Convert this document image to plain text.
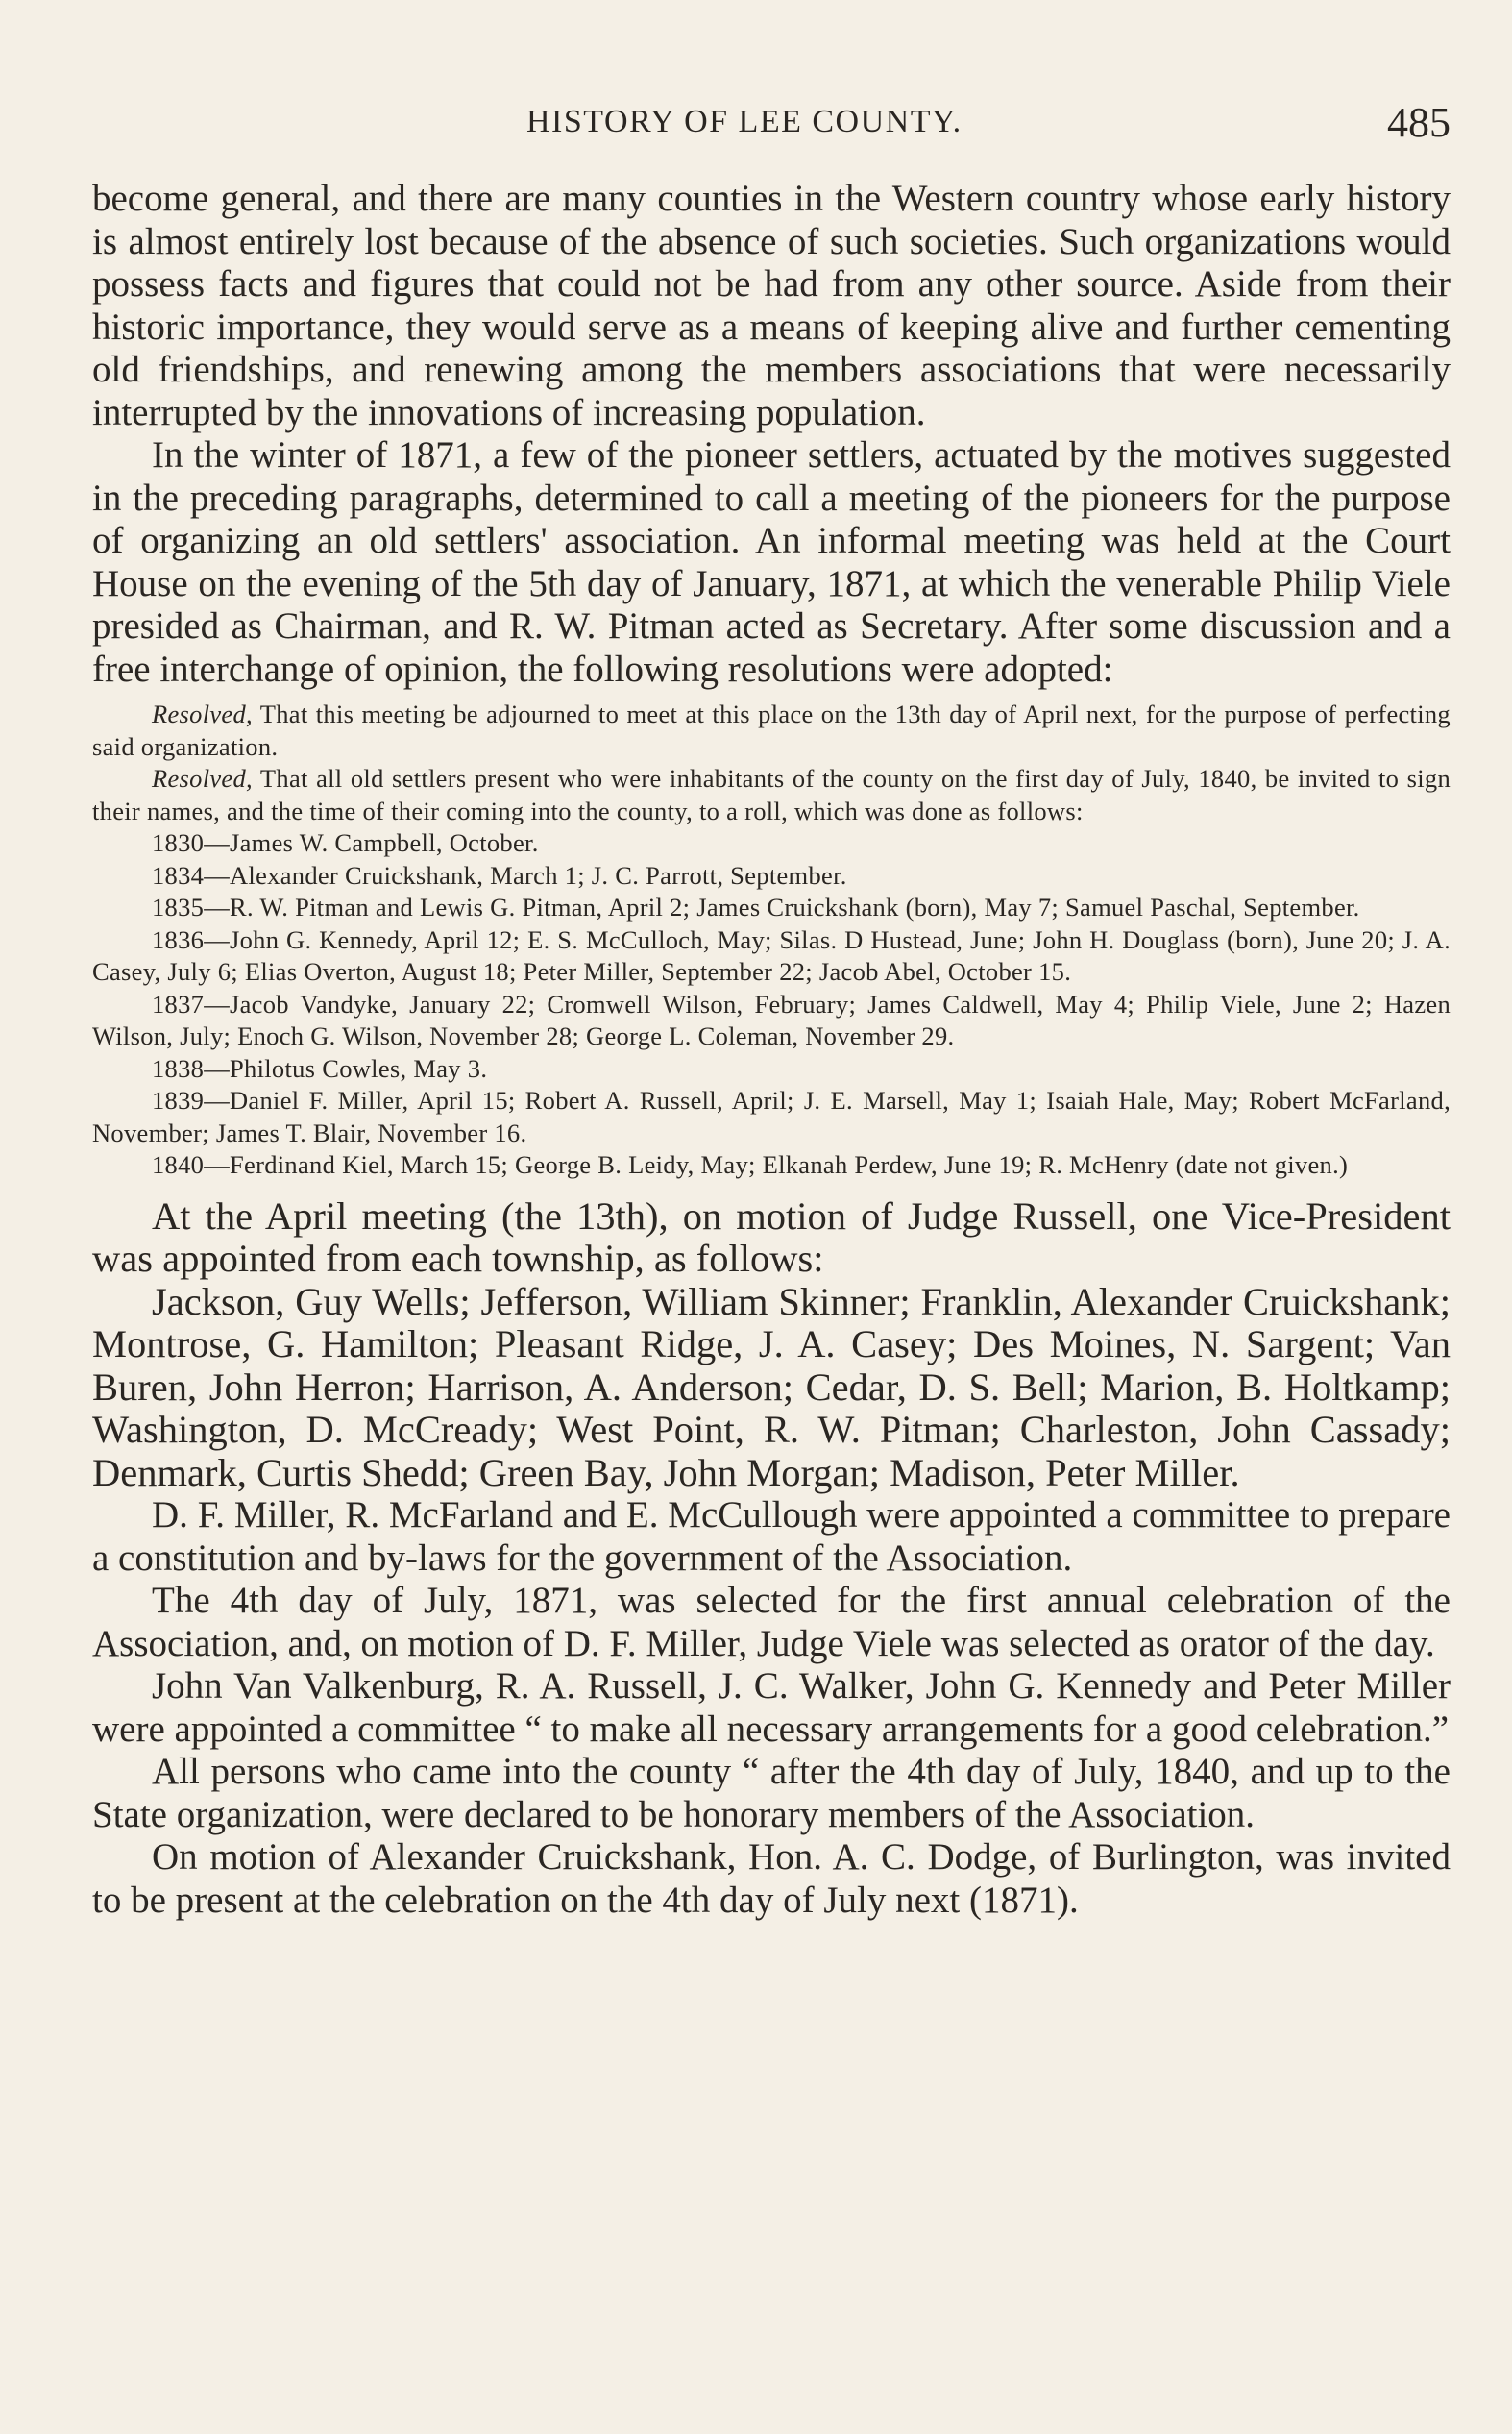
HISTORY OF LEE COUNTY.	485

become general, and there are many counties in the Western country whose early history is almost entirely lost because of the absence of such societies. Such organizations would possess facts and figures that could not be had from any other source. Aside from their historic importance, they would serve as a means of keeping alive and further cementing old friendships, and renewing among the members associations that were necessarily interrupted by the innovations of increasing population.

In the winter of 1871, a few of the pioneer settlers, actuated by the motives suggested in the preceding paragraphs, determined to call a meeting of the pioneers for the purpose of organizing an old settlers' association. An informal meeting was held at the Court House on the evening of the 5th day of January, 1871, at which the venerable Philip Viele presided as Chairman, and R. W. Pitman acted as Secretary. After some discussion and a free interchange of opinion, the following resolutions were adopted:

Resolved, That this meeting be adjourned to meet at this place on the 13th day of April next, for the purpose of perfecting said organization.

Resolved, That all old settlers present who were inhabitants of the county on the first day of July, 1840, be invited to sign their names, and the time of their coming into the county, to a roll, which was done as follows:

1830—James W. Campbell, October.

1834—Alexander Cruickshank, March 1; J. C. Parrott, September.

1835—R. W. Pitman and Lewis G. Pitman, April 2; James Cruickshank (born), May 7; Samuel Paschal, September.

1836—John G. Kennedy, April 12; E. S. McCulloch, May; Silas. D Hustead, June; John H. Douglass (born), June 20; J. A. Casey, July 6; Elias Overton, August 18; Peter Miller, September 22; Jacob Abel, October 15.

1837—Jacob Vandyke, January 22; Cromwell Wilson, February; James Caldwell, May 4; Philip Viele, June 2; Hazen Wilson, July; Enoch G. Wilson, November 28; George L. Coleman, November 29.

1838—Philotus Cowles, May 3.

1839—Daniel F. Miller, April 15; Robert A. Russell, April; J. E. Marsell, May 1; Isaiah Hale, May; Robert McFarland, November; James T. Blair, November 16.

1840—Ferdinand Kiel, March 15; George B. Leidy, May; Elkanah Perdew, June 19; R. McHenry (date not given.)

At the April meeting (the 13th), on motion of Judge Russell, one Vice-President was appointed from each township, as follows:

Jackson, Guy Wells; Jefferson, William Skinner; Franklin, Alexander Cruickshank; Montrose, G. Hamilton; Pleasant Ridge, J. A. Casey; Des Moines, N. Sargent; Van Buren, John Herron; Harrison, A. Anderson; Cedar, D. S. Bell; Marion, B. Holtkamp; Washington, D. McCready; West Point, R. W. Pitman; Charleston, John Cassady; Denmark, Curtis Shedd; Green Bay, John Morgan; Madison, Peter Miller.

D. F. Miller, R. McFarland and E. McCullough were appointed a committee to prepare a constitution and by-laws for the government of the Association.

The 4th day of July, 1871, was selected for the first annual celebration of the Association, and, on motion of D. F. Miller, Judge Viele was selected as orator of the day.

John Van Valkenburg, R. A. Russell, J. C. Walker, John G. Kennedy and Peter Miller were appointed a committee “ to make all necessary arrangements for a good celebration.”

All persons who came into the county “ after the 4th day of July, 1840, and up to the State organization, were declared to be honorary members of the Association.

On motion of Alexander Cruickshank, Hon. A. C. Dodge, of Burlington, was invited to be present at the celebration on the 4th day of July next (1871).
